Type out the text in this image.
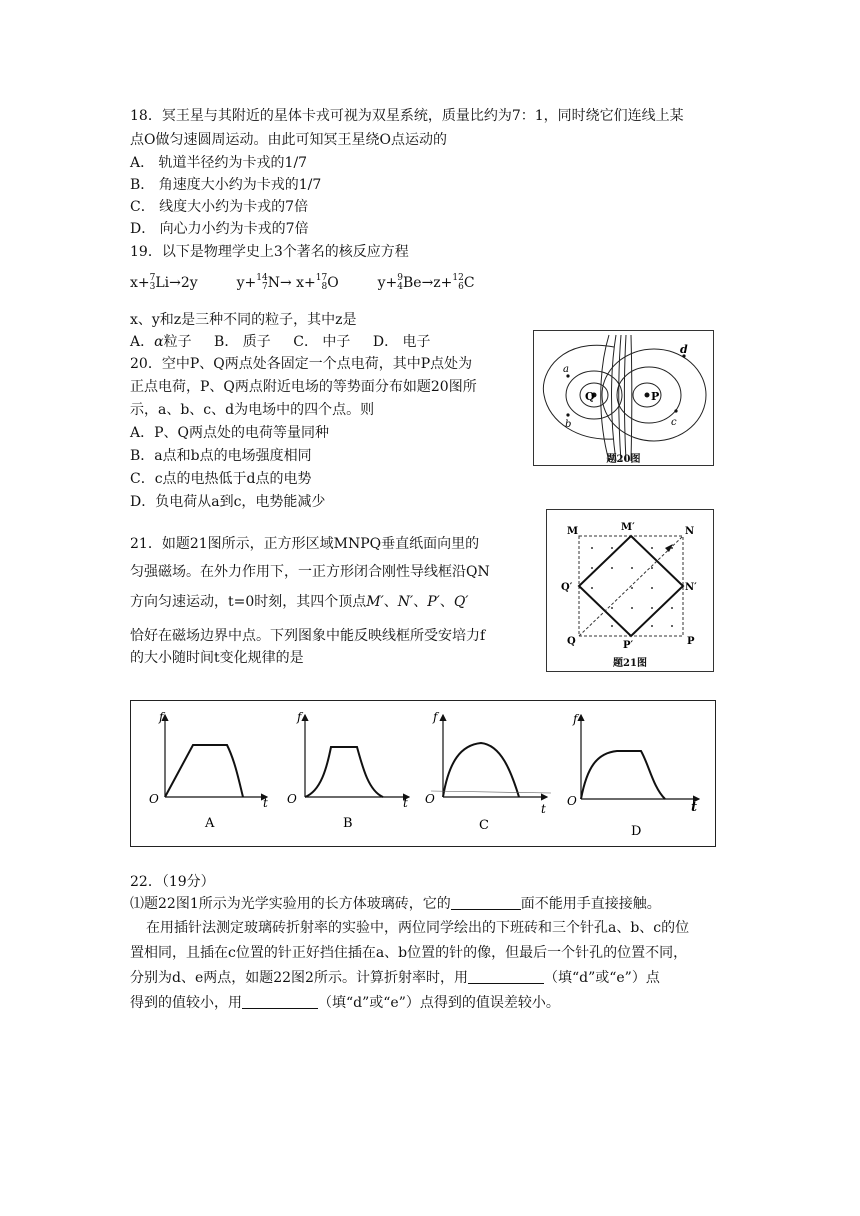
18．冥王星与其附近的星体卡戎可视为双星系统，质量比约为7：1，同时绕它们连线上某
点O做匀速圆周运动。由此可知冥王星绕O点运动的
A． 轨道半径约为卡戎的1/7
B． 角速度大小约为卡戎的1/7
C． 线度大小约为卡戎的7倍
D． 向心力小约为卡戎的7倍
19．以下是物理学史上3个著名的核反应方程
x+ 7
3 Li→2y	y+ 14
7 N→ x+ 17
8 O	y+ 9
4 Be→z+ 12
6 C
x、y和z是三种不同的粒子，其中z是
A．α粒子 B． 质子 C． 中子 D． 电子
20．空中P、Q两点处各固定一个点电荷，其中P点处为
正点电荷，P、Q两点附近电场的等势面分布如题20图所
示，a、b、c、d为电场中的四个点。则
A．P、Q两点处的电荷等量同种
B．a点和b点的电场强度相同
C．c点的电热低于d点的电势
D．负电荷从a到c，电势能减少
a
b	c
d
Q	P
题20图
21．如题21图所示，正方形区域MNPQ垂直纸面向里的
匀强磁场。在外力作用下，一正方形闭合刚性导线框沿QN
方向匀速运动，t=0时刻，其四个顶点M′、N′、P′、Q′
恰好在磁场边界中点。下列图象中能反映线框所受安培力f
的大小随时间t变化规律的是
M	M′	N
Q′	N′
Q	P′	P
题21图
f
O	t
A
f
O	t
B
f
O
t
C
f
O	t
D
22．（19分）
⑴题22图1所示为光学实验用的长方体玻璃砖，它的	面不能用手直接接触。
在用插针法测定玻璃砖折射率的实验中，两位同学绘出的下班砖和三个针孔a、b、c的位
置相同，且插在c位置的针正好挡住插在a、b位置的针的像，但最后一个针孔的位置不同，
分别为d、e两点，如题22图2所示。计算折射率时，用	（填“d”或“e”）点
得到的值较小，用	（填“d”或“e”）点得到的值误差较小。
